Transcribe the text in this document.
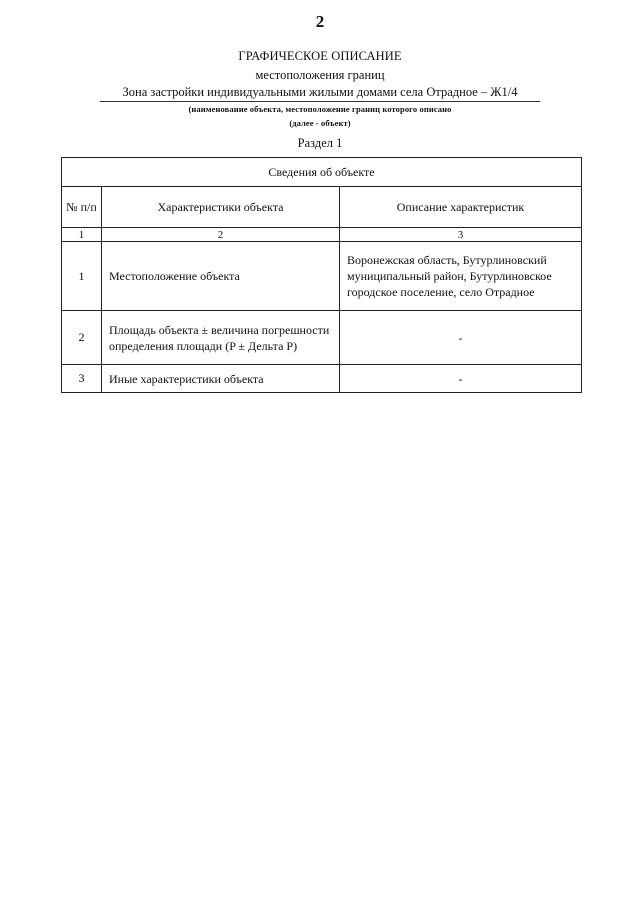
2
ГРАФИЧЕСКОЕ ОПИСАНИЕ
местоположения границ
Зона застройки индивидуальными жилыми домами села Отрадное – Ж1/4
(наименование объекта, местоположение границ которого описано
(далее - объект)
Раздел 1
Сведения об объекте		
№ п/п	Характеристики объекта	Описание характеристик
1	2	3
1	Местоположение объекта	Воронежская область, Бутурлиновский муниципальный район, Бутурлиновское городское поселение, село Отрадное
2	Площадь объекта ± величина погрешности определения площади (P ± Дельта P)	-
3	Иные характеристики объекта	-
